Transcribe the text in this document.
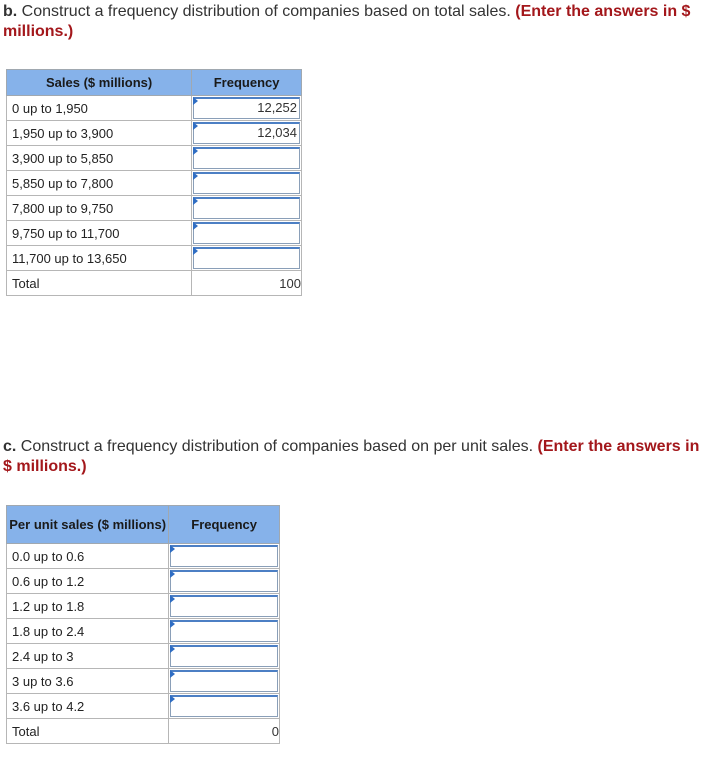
b. Construct a frequency distribution of companies based on total sales. (Enter the answers in $ millions.)
Sales ($ millions)	Frequency
0 up to 1,950	12,252

1,950 up to 3,900	12,034

3,900 up to 5,850	

5,850 up to 7,800	

7,800 up to 9,750	

9,750 up to 11,700	

11,700 up to 13,650	

Total	100
c. Construct a frequency distribution of companies based on per unit sales. (Enter the answers in $ millions.)
Per unit sales ($ millions)	Frequency
0.0 up to 0.6	

0.6 up to 1.2	

1.2 up to 1.8	

1.8 up to 2.4	

2.4 up to 3	

3 up to 3.6	

3.6 up to 4.2	

Total	0
